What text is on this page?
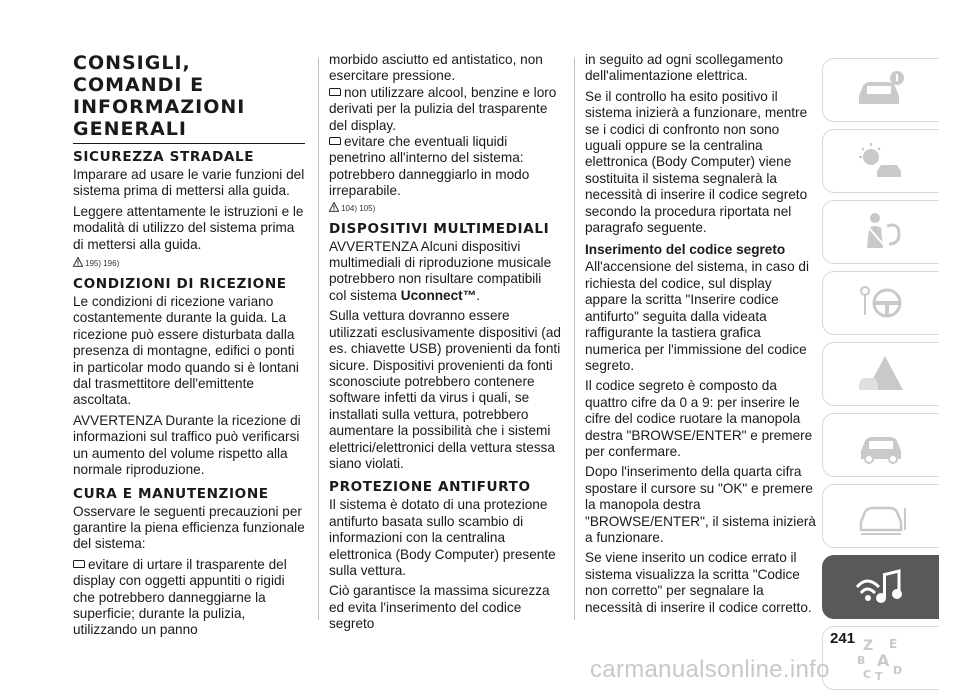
CONSIGLI,
COMANDI E
INFORMAZIONI
GENERALI
SICUREZZA STRADALE

Imparare ad usare le varie funzioni del sistema prima di mettersi alla guida.

Leggere attentamente le istruzioni e le modalità di utilizzo del sistema prima di mettersi alla guida.

195) 196)
CONDIZIONI DI RICEZIONE

Le condizioni di ricezione variano costantemente durante la guida. La ricezione può essere disturbata dalla presenza di montagne, edifici o ponti in particolar modo quando si è lontani dal trasmettitore dell'emittente ascoltata.

AVVERTENZA Durante la ricezione di informazioni sul traffico può verificarsi un aumento del volume rispetto alla normale riproduzione.

CURA E MANUTENZIONE

Osservare le seguenti precauzioni per garantire la piena efficienza funzionale del sistema:

evitare di urtare il trasparente del display con oggetti appuntiti o rigidi che potrebbero danneggiarne la superficie; durante la pulizia, utilizzando un panno

morbido asciutto ed antistatico, non esercitare pressione.

non utilizzare alcool, benzine e loro derivati per la pulizia del trasparente del display.

evitare che eventuali liquidi penetrino all'interno del sistema: potrebbero danneggiarlo in modo irreparabile.

104) 105)
DISPOSITIVI MULTIMEDIALI

AVVERTENZA Alcuni dispositivi multimediali di riproduzione musicale potrebbero non risultare compatibili col sistema Uconnect™.

Sulla vettura dovranno essere utilizzati esclusivamente dispositivi (ad es. chiavette USB) provenienti da fonti sicure. Dispositivi provenienti da fonti sconosciute potrebbero contenere software infetti da virus i quali, se installati sulla vettura, potrebbero aumentare la possibilità che i sistemi elettrici/elettronici della vettura stessa siano violati.

PROTEZIONE ANTIFURTO

Il sistema è dotato di una protezione antifurto basata sullo scambio di informazioni con la centralina elettronica (Body Computer) presente sulla vettura.

Ciò garantisce la massima sicurezza ed evita l'inserimento del codice segreto

in seguito ad ogni scollegamento dell'alimentazione elettrica.

Se il controllo ha esito positivo il sistema inizierà a funzionare, mentre se i codici di confronto non sono uguali oppure se la centralina elettronica (Body Computer) viene sostituita il sistema segnalerà la necessità di inserire il codice segreto secondo la procedura riportata nel paragrafo seguente.

Inserimento del codice segreto

All'accensione del sistema, in caso di richiesta del codice, sul display appare la scritta "Inserire codice antifurto" seguita dalla videata raffigurante la tastiera grafica numerica per l'immissione del codice segreto.

Il codice segreto è composto da quattro cifre da 0 a 9: per inserire le cifre del codice ruotare la manopola destra "BROWSE/ENTER" e premere per confermare.

Dopo l'inserimento della quarta cifra spostare il cursore su "OK" e premere la manopola destra "BROWSE/ENTER", il sistema inizierà a funzionare.

Se viene inserito un codice errato il sistema visualizza la scritta "Codice non corretto" per segnalare la necessità di inserire il codice corretto.

Z E
B A
C T D
241
carmanualsonline.info
